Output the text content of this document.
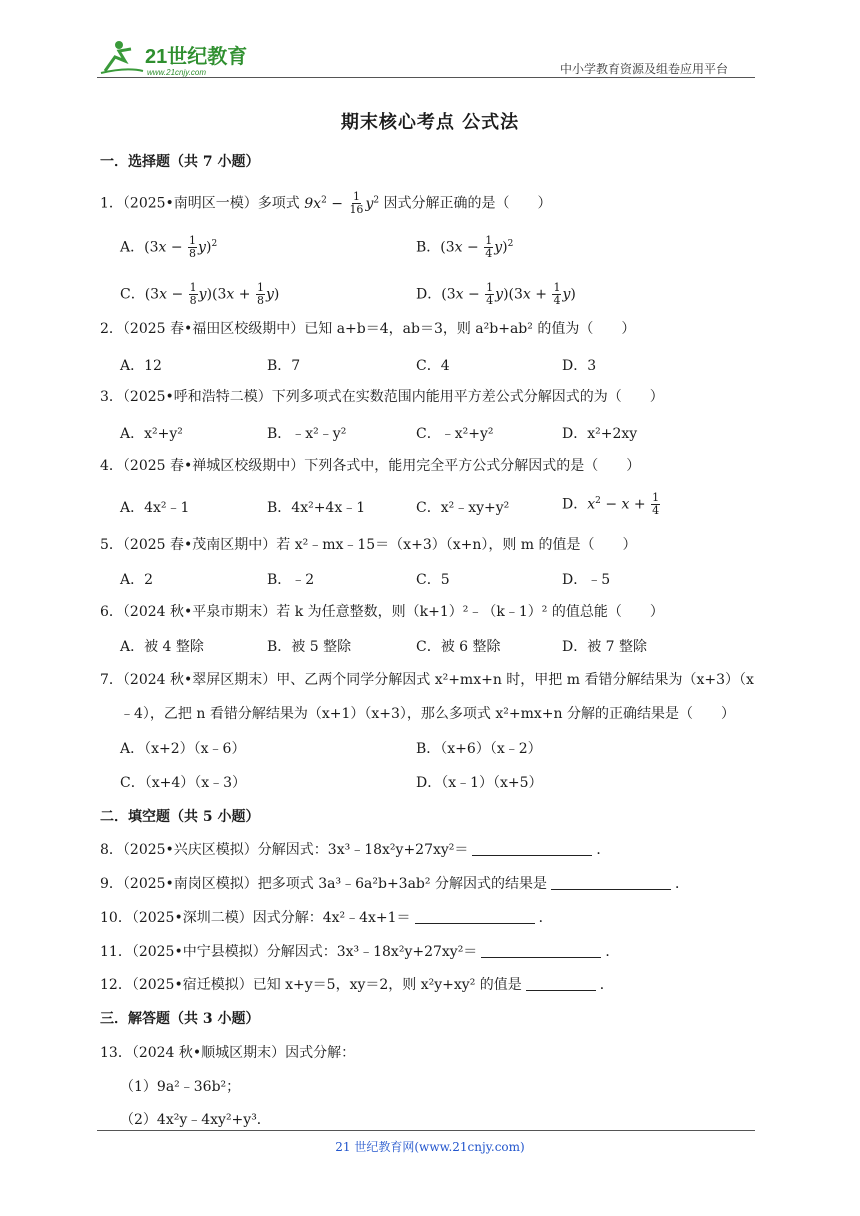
21世纪教育
www.21cnjy.com	中小学教育资源及组卷应用平台
期末核心考点 公式法
一．选择题（共 7 小题）
1．（2025•南明区一模）多项式 $9x^2 - \frac{1}{16} y^2$ 因式分解正确的是（　　）
A．$(3x - \frac{1}{8} y)^2$	B．$(3x - \frac{1}{4} y)^2$
C．$(3x - \frac{1}{8} y)(3x + \frac{1}{8} y)$	D．$(3x - \frac{1}{4} y)(3x + \frac{1}{4} y)$
2．（2025 春•福田区校级期中）已知 a+b＝4，ab＝3，则 a²b+ab² 的值为（　　）
A．12	B．7	C．4	D．3
3．（2025•呼和浩特二模）下列多项式在实数范围内能用平方差公式分解因式的为（　　）
A．x²+y²	B．﹣x²﹣y²	C．﹣x²+y²	D．x²+2xy
4．（2025 春•禅城区校级期中）下列各式中，能用完全平方公式分解因式的是（　　）
A．4x²﹣1	B．4x²+4x﹣1	C．x²﹣xy+y²	D．$x^2 - x + \frac{1}{4}$
5．（2025 春•茂南区期中）若 x²﹣mx﹣15＝（x+3）（x+n），则 m 的值是（　　）
A．2	B．﹣2	C．5	D．﹣5
6．（2024 秋•平泉市期末）若 k 为任意整数，则（k+1）²﹣（k﹣1）² 的值总能（　　）
A．被 4 整除	B．被 5 整除	C．被 6 整除	D．被 7 整除
7．（2024 秋•翠屏区期末）甲、乙两个同学分解因式 x²+mx+n 时，甲把 m 看错分解结果为（x+3）（x
﹣4），乙把 n 看错分解结果为（x+1）（x+3），那么多项式 x²+mx+n 分解的正确结果是（　　）
A．（x+2）（x﹣6）	B．（x+6）（x﹣2）
C．（x+4）（x﹣3）	D．（x﹣1）（x+5）
二．填空题（共 5 小题）
8．（2025•兴庆区模拟）分解因式：3x³﹣18x²y+27xy²＝	．
9．（2025•南岗区模拟）把多项式 3a³﹣6a²b+3ab² 分解因式的结果是	．
10．（2025•深圳二模）因式分解：4x²﹣4x+1＝	．
11．（2025•中宁县模拟）分解因式：3x³﹣18x²y+27xy²＝	．
12．（2025•宿迁模拟）已知 x+y＝5，xy＝2，则 x²y+xy² 的值是	．
三．解答题（共 3 小题）
13．（2024 秋•顺城区期末）因式分解：
（1）9a²﹣36b²；
（2）4x²y﹣4xy²+y³．
21 世纪教育网(www.21cnjy.com)
